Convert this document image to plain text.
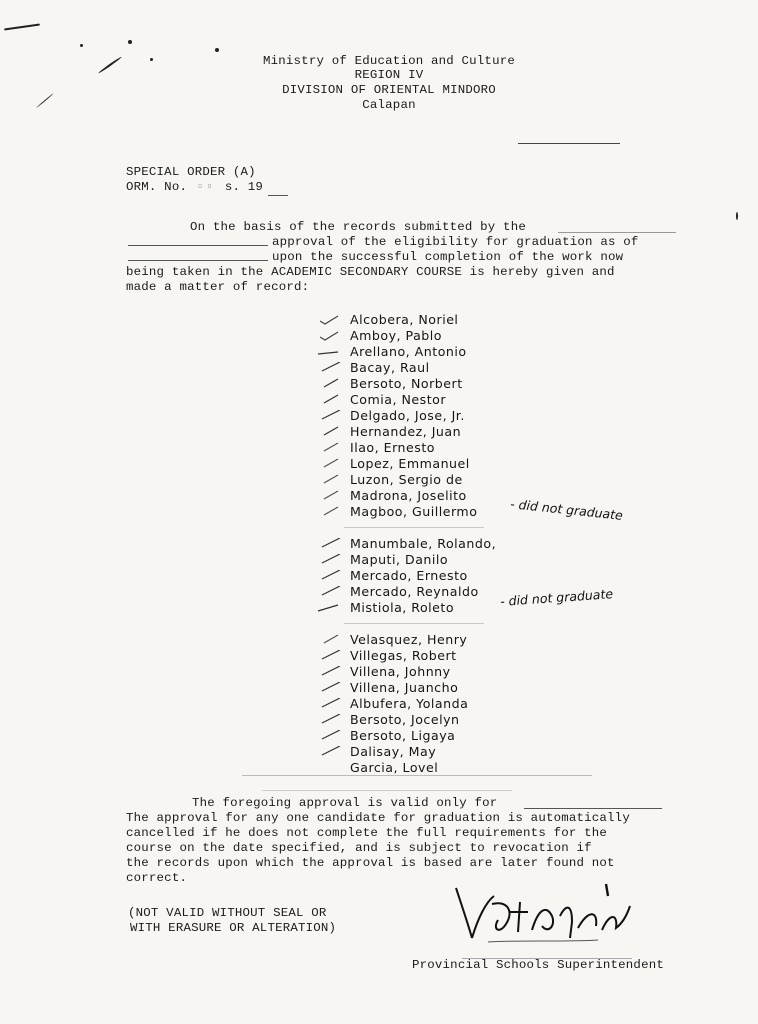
Ministry of Education and Culture
REGION IV
DIVISION OF ORIENTAL MINDORO
Calapan
SPECIAL ORDER (A)
ORM. No. ▫▫ s. 19
On the basis of the records submitted by the
approval of the eligibility for graduation as of
upon the successful completion of the work now
being taken in the ACADEMIC SECONDARY COURSE is hereby given and
made a matter of record:
Alcobera, Noriel
Amboy, Pablo
Arellano, Antonio
Bacay, Raul
Bersoto, Norbert
Comia, Nestor
Delgado, Jose, Jr.
Hernandez, Juan
Ilao, Ernesto
Lopez, Emmanuel
Luzon, Sergio de
Madrona, Joselito
Magboo, Guillermo
Manumbale, Rolando,
Maputi, Danilo
Mercado, Ernesto
Mercado, Reynaldo
Mistiola, Roleto
Velasquez, Henry
Villegas, Robert
Villena, Johnny
Villena, Juancho
Albufera, Yolanda
Bersoto, Jocelyn
Bersoto, Ligaya
Dalisay, May
Garcia, Lovel
- did not graduate
- did not graduate
The foregoing approval is valid only for
The approval for any one candidate for graduation is automatically
cancelled if he does not complete the full requirements for the
course on the date specified, and is subject to revocation if
the records upon which the approval is based are later found not
correct.
(NOT VALID WITHOUT SEAL OR
WITH ERASURE OR ALTERATION)
Provincial Schools Superintendent
